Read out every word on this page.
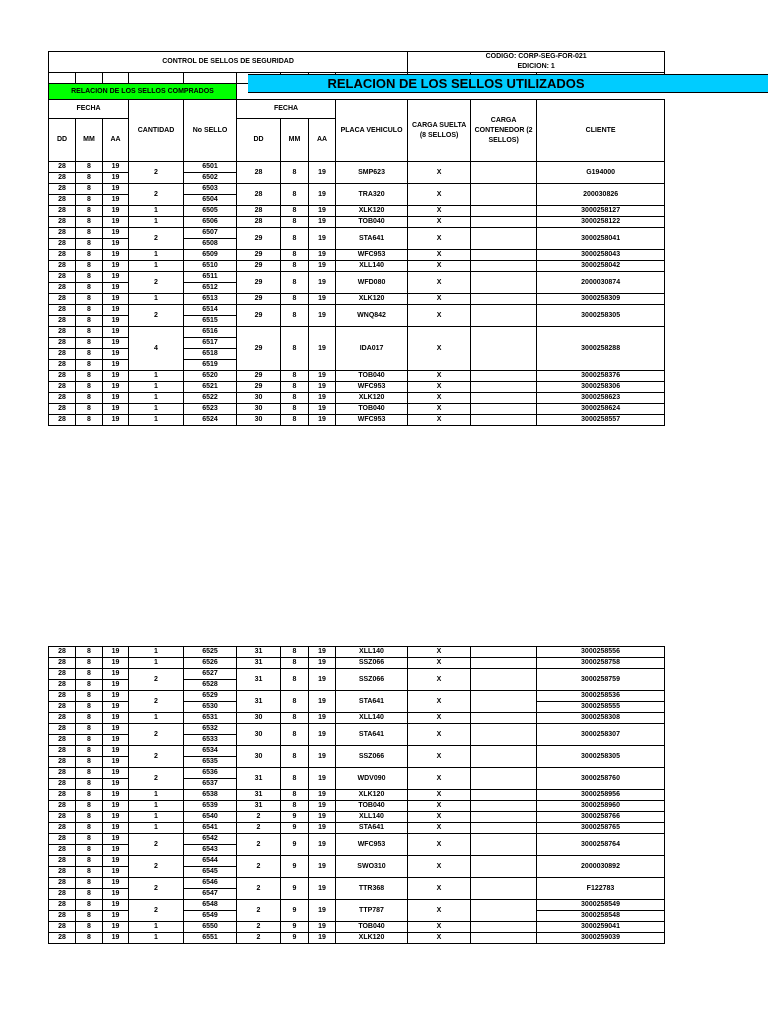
CONTROL DE SELLOS DE SEGURIDAD									CODIGO: CORP-SEG-FOR-021
EDICION: 1		

RELACION DE LOS SELLOS COMPRADOS											
FECHA			CANTIDAD	No SELLO	FECHA			PLACA VEHICULO	CARGA SUELTA (8 SELLOS)	CARGA CONTENEDOR (2 SELLOS)	CLIENTE
DD	MM	AA			DD	MM	AA				
28	8	19	2	6501	28	8	19	SMP623	X		G194000
28	8	19		6502							
28	8	19	2	6503	28	8	19	TRA320	X		200030826
28	8	19		6504							
28	8	19	1	6505	28	8	19	XLK120	X		3000258127
28	8	19	1	6506	28	8	19	TOB040	X		3000258122
28	8	19	2	6507	29	8	19	STA641	X		3000258041
28	8	19		6508							
28	8	19	1	6509	29	8	19	WFC953	X		3000258043
28	8	19	1	6510	29	8	19	XLL140	X		3000258042
28	8	19	2	6511	29	8	19	WFD080	X		2000030874
28	8	19		6512							
28	8	19	1	6513	29	8	19	XLK120	X		3000258309
28	8	19	2	6514	29	8	19	WNQ842	X		3000258305
28	8	19		6515							
28	8	19	4	6516	29	8	19	IDA017	X		3000258288
28	8	19		6517							
28	8	19		6518							
28	8	19		6519							
28	8	19	1	6520	29	8	19	TOB040	X		3000258376
28	8	19	1	6521	29	8	19	WFC953	X		3000258306
28	8	19	1	6522	30	8	19	XLK120	X		3000258623
28	8	19	1	6523	30	8	19	TOB040	X		3000258624
28	8	19	1	6524	30	8	19	WFC953	X		3000258557
RELACION DE LOS SELLOS UTILIZADOS
28	8	19	1	6525	31	8	19	XLL140	X		3000258556
28	8	19	1	6526	31	8	19	SSZ066	X		3000258758
28	8	19	2	6527	31	8	19	SSZ066	X		3000258759
28	8	19		6528							
28	8	19	2	6529	31	8	19	STA641	X		3000258536
28	8	19		6530							3000258555
28	8	19	1	6531	30	8	19	XLL140	X		3000258308
28	8	19	2	6532	30	8	19	STA641	X		3000258307
28	8	19		6533							
28	8	19	2	6534	30	8	19	SSZ066	X		3000258305
28	8	19		6535							
28	8	19	2	6536	31	8	19	WDV090	X		3000258760
28	8	19		6537							
28	8	19	1	6538	31	8	19	XLK120	X		3000258956
28	8	19	1	6539	31	8	19	TOB040	X		3000258960
28	8	19	1	6540	2	9	19	XLL140	X		3000258766
28	8	19	1	6541	2	9	19	STA641	X		3000258765
28	8	19	2	6542	2	9	19	WFC953	X		3000258764
28	8	19		6543							
28	8	19	2	6544	2	9	19	SWO310	X		2000030892
28	8	19		6545							
28	8	19	2	6546	2	9	19	TTR368	X		F122783
28	8	19		6547							
28	8	19	2	6548	2	9	19	TTP787	X		3000258549
28	8	19		6549							3000258548
28	8	19	1	6550	2	9	19	TOB040	X		3000259041
28	8	19	1	6551	2	9	19	XLK120	X		3000259039
